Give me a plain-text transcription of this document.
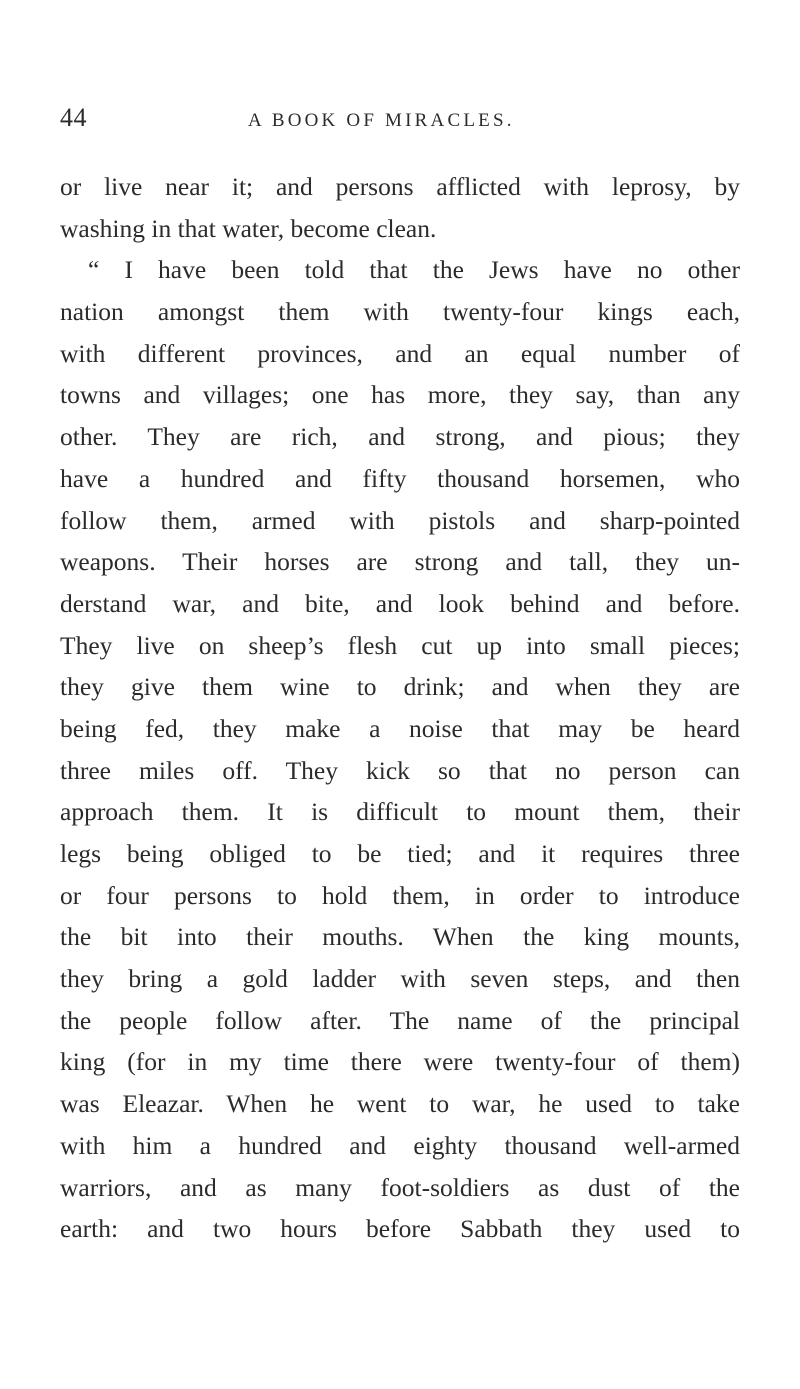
44	A BOOK OF MIRACLES.
or live near it; and persons afflicted with leprosy, by
washing in that water, become clean.
“ I have been told that the Jews have no other
nation amongst them with twenty-four kings each,
with different provinces, and an equal number of
towns and villages; one has more, they say, than any
other. They are rich, and strong, and pious; they
have a hundred and fifty thousand horsemen, who
follow them, armed with pistols and sharp-pointed
weapons. Their horses are strong and tall, they un-
derstand war, and bite, and look behind and before.
They live on sheep’s flesh cut up into small pieces;
they give them wine to drink; and when they are
being fed, they make a noise that may be heard
three miles off. They kick so that no person can
approach them. It is difficult to mount them, their
legs being obliged to be tied; and it requires three
or four persons to hold them, in order to introduce
the bit into their mouths. When the king mounts,
they bring a gold ladder with seven steps, and then
the people follow after. The name of the principal
king (for in my time there were twenty-four of them)
was Eleazar. When he went to war, he used to take
with him a hundred and eighty thousand well-armed
warriors, and as many foot-soldiers as dust of the
earth: and two hours before Sabbath they used to
